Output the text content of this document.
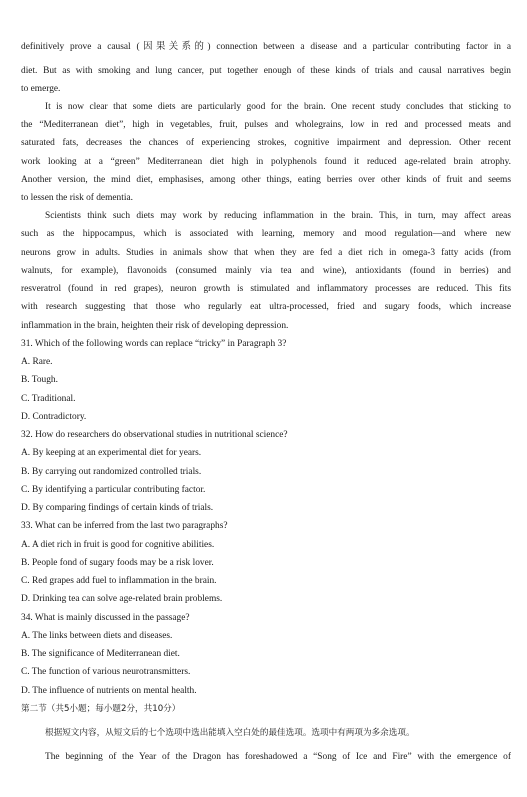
definitively prove a causal (因果关系的) connection between a disease and a particular contributing factor in a
diet. But as with smoking and lung cancer, put together enough of these kinds of trials and causal narratives begin
to emerge.
It is now clear that some diets are particularly good for the brain. One recent study concludes that sticking to
the “Mediterranean diet”, high in vegetables, fruit, pulses and wholegrains, low in red and processed meats and
saturated fats, decreases the chances of experiencing strokes, cognitive impairment and depression. Other recent
work looking at a “green” Mediterranean diet high in polyphenols found it reduced age-related brain atrophy.
Another version, the mind diet, emphasises, among other things, eating berries over other kinds of fruit and seems
to lessen the risk of dementia.
Scientists think such diets may work by reducing inflammation in the brain. This, in turn, may affect areas
such as the hippocampus, which is associated with learning, memory and mood regulation—and where new
neurons grow in adults. Studies in animals show that when they are fed a diet rich in omega-3 fatty acids (from
walnuts, for example), flavonoids (consumed mainly via tea and wine), antioxidants (found in berries) and
resveratrol (found in red grapes), neuron growth is stimulated and inflammatory processes are reduced. This fits
with research suggesting that those who regularly eat ultra-processed, fried and sugary foods, which increase
inflammation in the brain, heighten their risk of developing depression.
31. Which of the following words can replace “tricky” in Paragraph 3?
A. Rare.
B. Tough.
C. Traditional.
D. Contradictory.
32. How do researchers do observational studies in nutritional science?
A. By keeping at an experimental diet for years.
B. By carrying out randomized controlled trials.
C. By identifying a particular contributing factor.
D. By comparing findings of certain kinds of trials.
33. What can be inferred from the last two paragraphs?
A. A diet rich in fruit is good for cognitive abilities.
B. People fond of sugary foods may be a risk lover.
C. Red grapes add fuel to inflammation in the brain.
D. Drinking tea can solve age-related brain problems.
34. What is mainly discussed in the passage?
A. The links between diets and diseases.
B. The significance of Mediterranean diet.
C. The function of various neurotransmitters.
D. The influence of nutrients on mental health.
第二节（共5小题；每小题2分，共10分）
根据短文内容，从短文后的七个选项中选出能填入空白处的最佳选项。选项中有两项为多余选项。
The beginning of the Year of the Dragon has foreshadowed a “Song of Ice and Fire” with the emergence of
